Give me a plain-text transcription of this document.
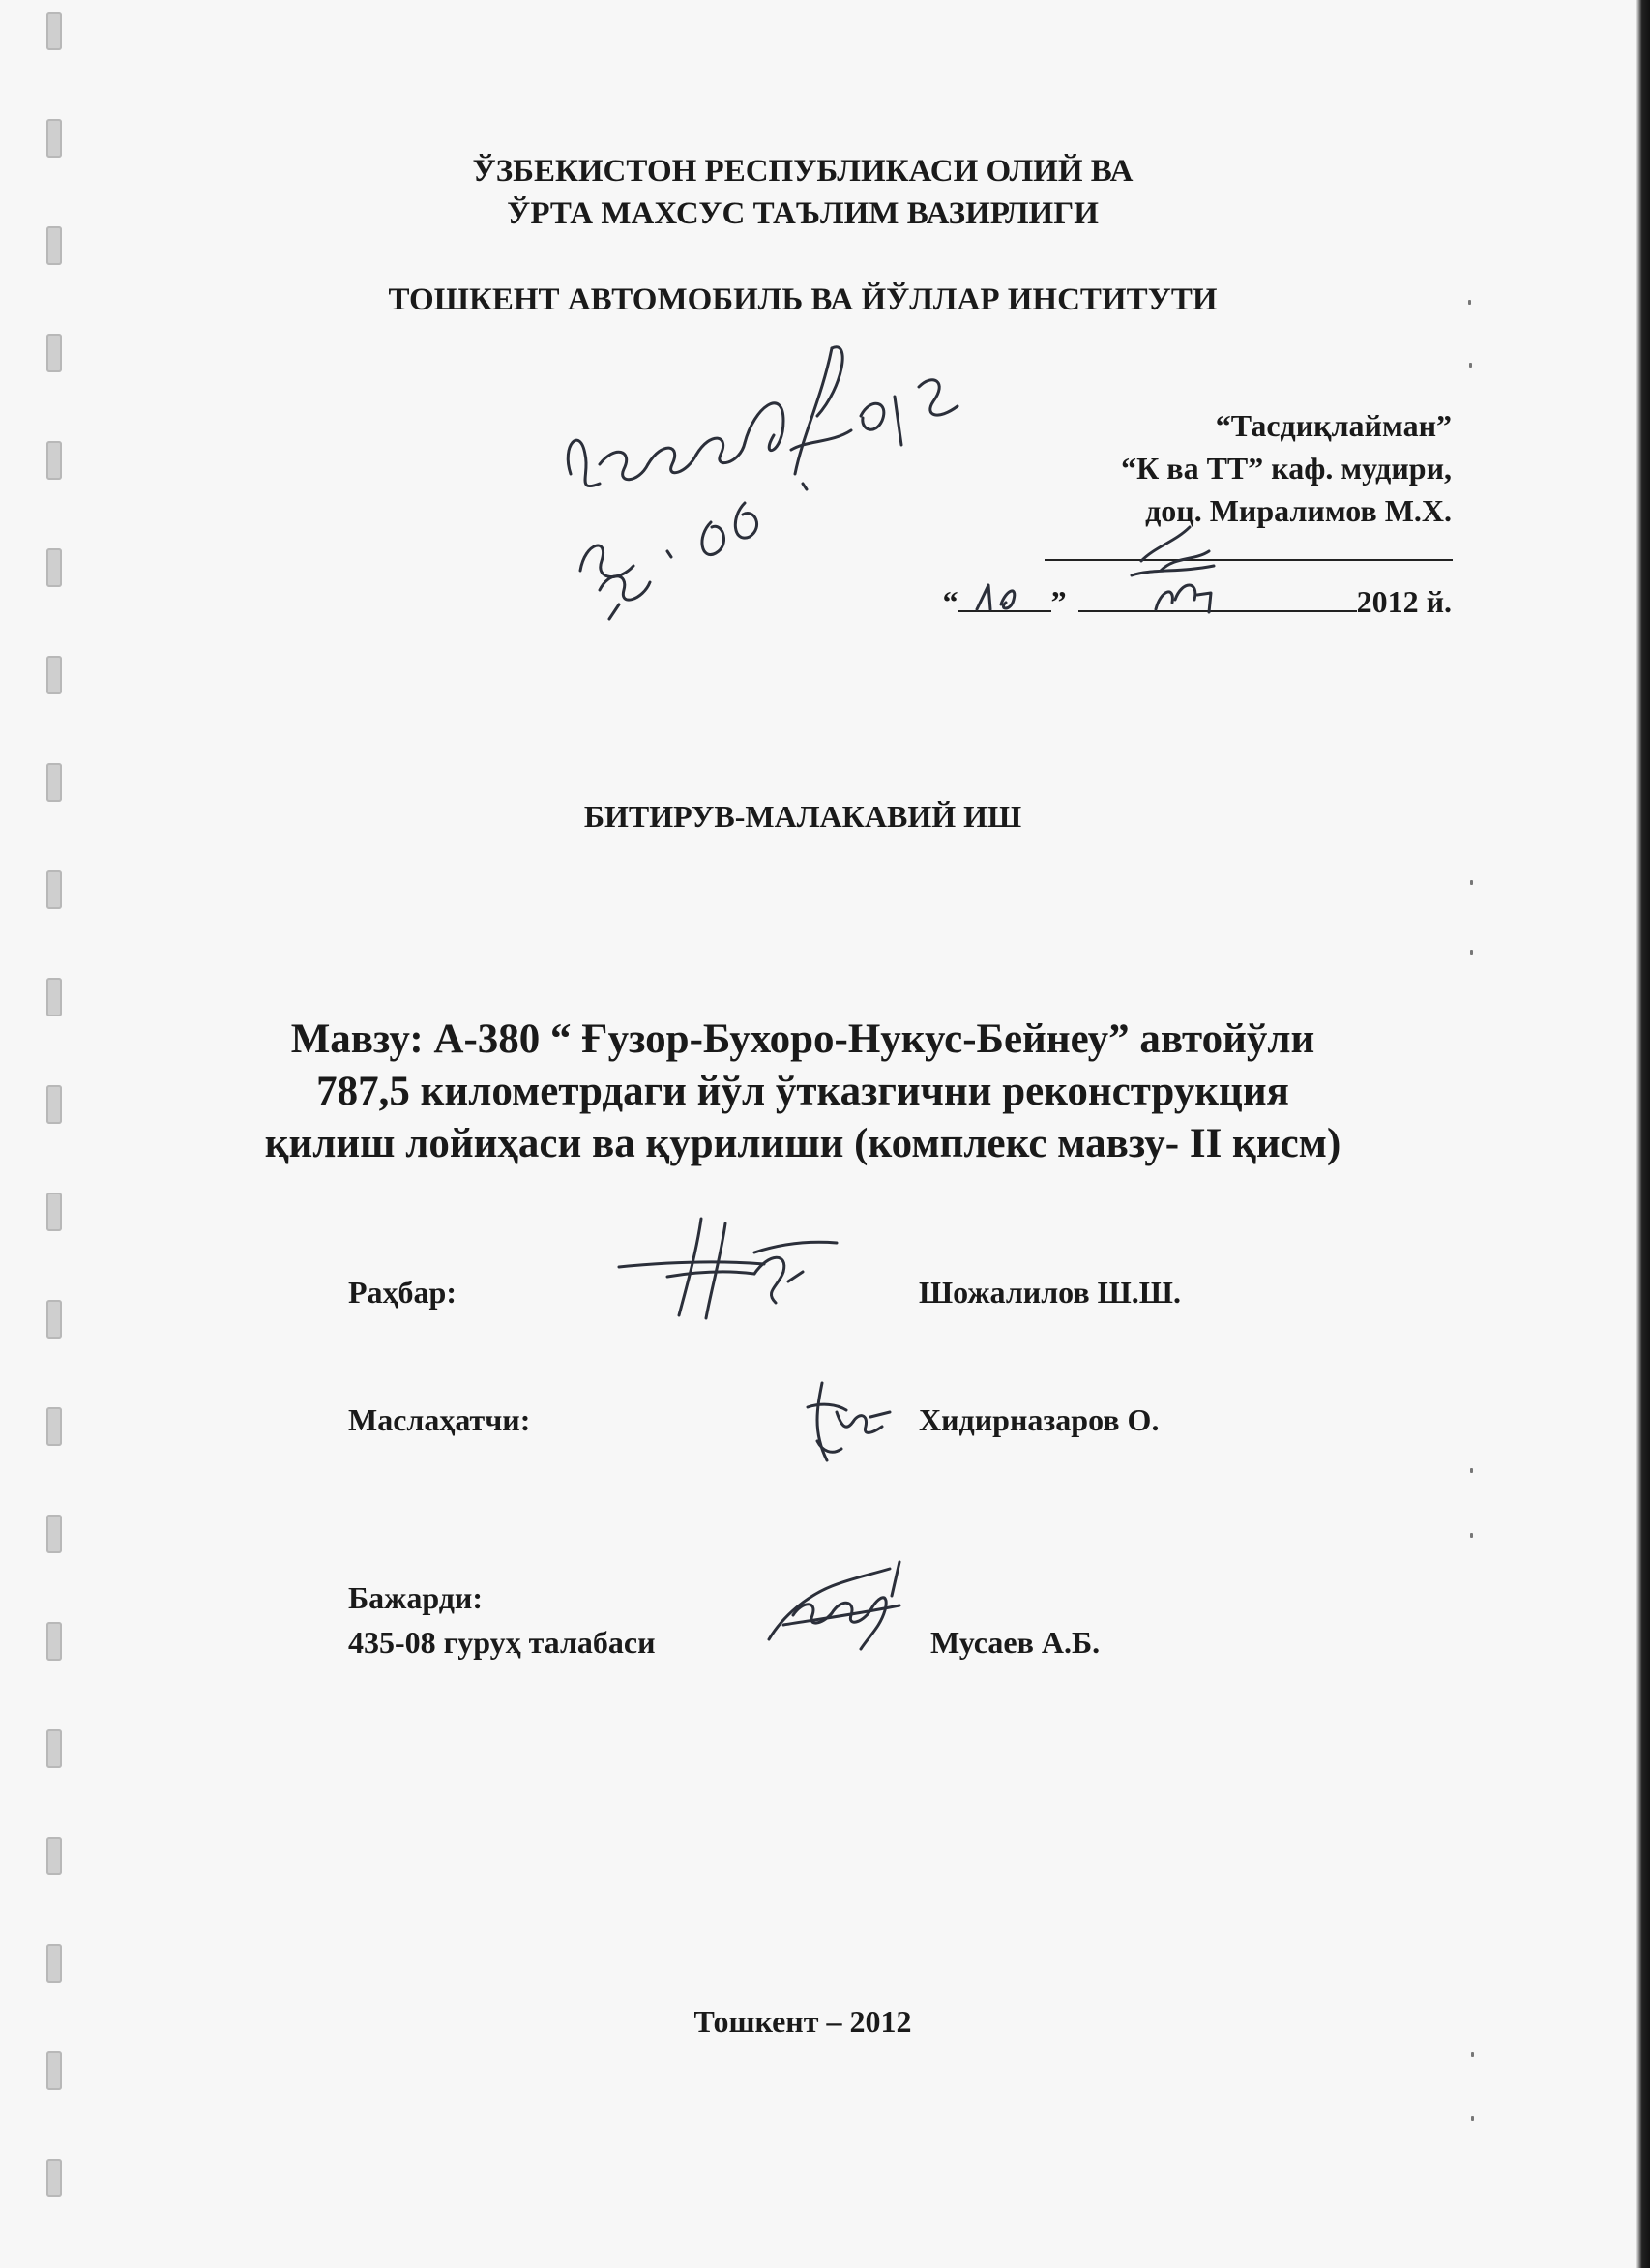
ЎЗБЕКИСТОН РЕСПУБЛИКАСИ ОЛИЙ ВА
ЎРТА МАХСУС ТАЪЛИМ ВАЗИРЛИГИ
ТОШКЕНТ АВТОМОБИЛЬ ВА ЙЎЛЛАР ИНСТИТУТИ
“Тасдиқлайман”
“К ва ТТ” каф. мудири,
доц. Миралимов М.Х.
“	”	2012 й.
БИТИРУВ-МАЛАКАВИЙ ИШ
Мавзу: А-380 “ Ғузор-Бухоро-Нукус-Бейнеу” автойўли
787,5 километрдаги йўл ўтказгични реконструкция
қилиш лойиҳаси ва қурилиши (комплекс мавзу- II қисм)
Раҳбар:	Шожалилов Ш.Ш.
Маслаҳатчи:	Хидирназаров О.
Бажарди:
435-08 гуруҳ талабаси	Мусаев А.Б.
Тошкент – 2012
